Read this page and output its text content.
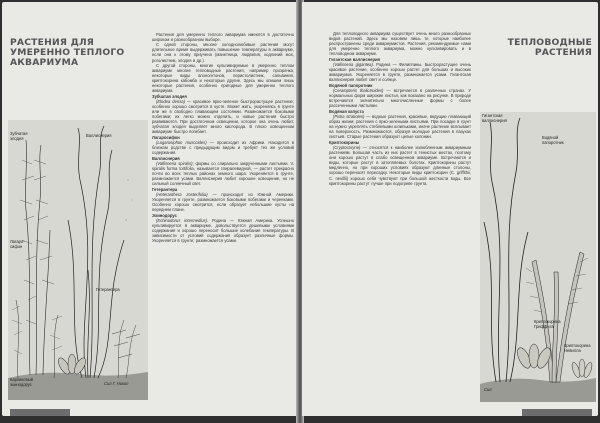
РАСТЕНИЯ ДЛЯ УМЕРЕННО ТЕПЛОГО АКВАРИУМА
Зубчатая элодея
Валлиснерия
Лагаро-сифон
Гетерантера
Карликовый эхинодорус	Сил Г. Никол

Растения для умеренно теплого аквариума имеются в достаточно широком и разнообразном выборе.

С одной стороны, многие холоднолюбивые растения могут длительное время выдерживать повышение температуры в аквариуме, если она к этому приучена (манетница, людвигия, кодлиний мох, роголистник, элодея и др.).

С другой стороны, многие культивируемые в умеренно теплом аквариуме многие тепловодные растения, например прозрачка, некоторые виды апоногетонов, перистолистник, сальвиния, криптокорина кабомба и некоторые другие. Здесь мы опишем лишь некоторые растения, особенно пригодные для умеренно теплого аквариума.

Зубчатая элодея

(Elodea densa) — красивое ярко-зеленое быстрорастущее растение; особенно хорошо смотрится в кусте. Может жить, укореняясь в грунте или же в свободно плавающем состоянии. Размножается боковыми побегами; их легко можно отделить, и новые растения быстро развиваются. При достаточном освещении, которое она очень любит, зубчатая элодея выделяет много кислорода. В плохо освещенном аквариуме быстро погибает.

Лагаросифон

(Lagarosiphon muscoides) — происходит из Африки. Находится в близком родстве с предыдущим видом и требует тех же условий содержания.

Валлиснерия

(Vallisneria spiralis); формы со спирально закрученными листьями. V. spiralis forma tortifolia, называется спиралевидной, — растет прекрасно почти во всех теплых районах земного шара. Укореняется в грунте, размножается усами. Валлиснерия любит хорошее освещение, но не сильный солнечный свет.

Гетерантера

(Heteranthera zosterifolia) — происходит из Южной Америки. Укореняется в грунте, размножается боковыми побегами и черенками. Особенно хорошо смотрится, если образует небольшие кусты на переднем плане.

Эхинодорус

(Echinodorus intermedius). Родина — Южная Америка. Успешно культивируется в аквариуме, довольствуется дешевыми условиями содержания и хорошо переносит большие колебания температуры. В зависимости от условий содержания образует различные формы. Укореняется в грунте; размножается усами.

ТЕПЛОВОДНЫЕ РАСТЕНИЯ

Для тепловодного аквариума существует очень много разнообразных видов растений. Здесь мы назовем лишь те, которые наиболее распространены среди аквариумистов. Растения, рекомендуемые нами для умеренно теплого аквариума, можно культивировать и в тепловодном аквариуме.

Гигантская валлиснерия

(Vallisneria gigantea). Родина — Филиппины. Быстрорастущее очень красивое растение, особенно хорошо растет для больших и высоких аквариумов. Укореняется в грунте, размножается усами. Гигантская валлиснерия любит свет и солнце.

Водяной папоротник

(Ceratopteris thalictroides) — встречается в различных странах. У нормальных форм широкие листья, как показано на рисунке. В природе встречаются значительно многочисленные формы с более рассеченными листьями.

Водяная капуста

(Pistia stratiotes) — водные растения, красивые, ведущие плавающий образ жизни; растения с ярко-зелеными листьями. При посадке в грунт на нужно укреплять стеблевыми шпильками, иначе растение всплывает на поверхность. Размножаются, образуя молодые растения в пазухах листьев. Старые растения образуют целые колонии.

Криптокорины

(Cryptocoryne) — относятся к наиболее излюбленным аквариумным растениям. Большая часть из них растет в тенистых местах, поэтому они хорошо растут в слабо освещенном аквариуме. Встречаются и виды, которые растут в затопляемых болотах. Криптокорины растут медленно, но при хороших условиях образуют длинные столоны, хорошо переносят пересадку. Некоторые виды криптокорин (C. griffithii, C. nevillii) хорошо себя чувствуют при большой жесткости воды. Все криптокорины растут лучше при подогреве грунта.

Гигантская валлиснерия
Водяной папоротник
Криптокорина Гриффита
Криптокорина Невилла
Сил
